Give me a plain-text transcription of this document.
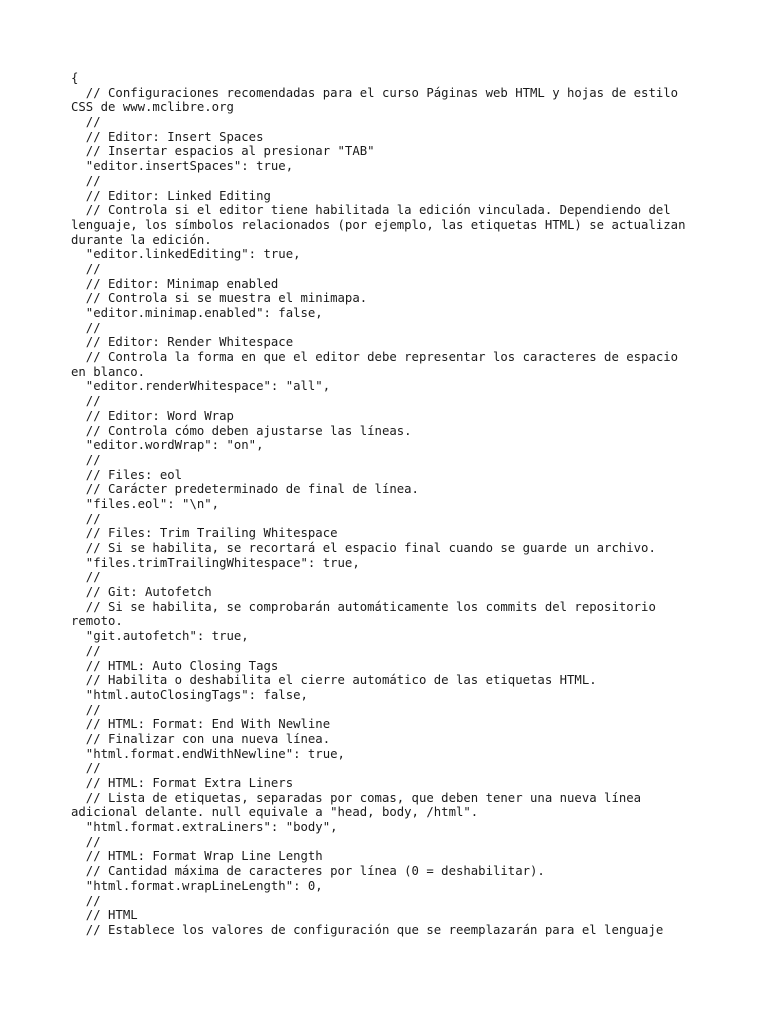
{
// Configuraciones recomendadas para el curso Páginas web HTML y hojas de estilo
CSS de www.mclibre.org
//
// Editor: Insert Spaces
// Insertar espacios al presionar "TAB"
"editor.insertSpaces": true,
//
// Editor: Linked Editing
// Controla si el editor tiene habilitada la edición vinculada. Dependiendo del
lenguaje, los símbolos relacionados (por ejemplo, las etiquetas HTML) se actualizan
durante la edición.
"editor.linkedEditing": true,
//
// Editor: Minimap enabled
// Controla si se muestra el minimapa.
"editor.minimap.enabled": false,
//
// Editor: Render Whitespace
// Controla la forma en que el editor debe representar los caracteres de espacio
en blanco.
"editor.renderWhitespace": "all",
//
// Editor: Word Wrap
// Controla cómo deben ajustarse las líneas.
"editor.wordWrap": "on",
//
// Files: eol
// Carácter predeterminado de final de línea.
"files.eol": "\n",
//
// Files: Trim Trailing Whitespace
// Si se habilita, se recortará el espacio final cuando se guarde un archivo.
"files.trimTrailingWhitespace": true,
//
// Git: Autofetch
// Si se habilita, se comprobarán automáticamente los commits del repositorio
remoto.
"git.autofetch": true,
//
// HTML: Auto Closing Tags
// Habilita o deshabilita el cierre automático de las etiquetas HTML.
"html.autoClosingTags": false,
//
// HTML: Format: End With Newline
// Finalizar con una nueva línea.
"html.format.endWithNewline": true,
//
// HTML: Format Extra Liners
// Lista de etiquetas, separadas por comas, que deben tener una nueva línea
adicional delante. null equivale a "head, body, /html".
"html.format.extraLiners": "body",
//
// HTML: Format Wrap Line Length
// Cantidad máxima de caracteres por línea (0 = deshabilitar).
"html.format.wrapLineLength": 0,
//
// HTML
// Establece los valores de configuración que se reemplazarán para el lenguaje
